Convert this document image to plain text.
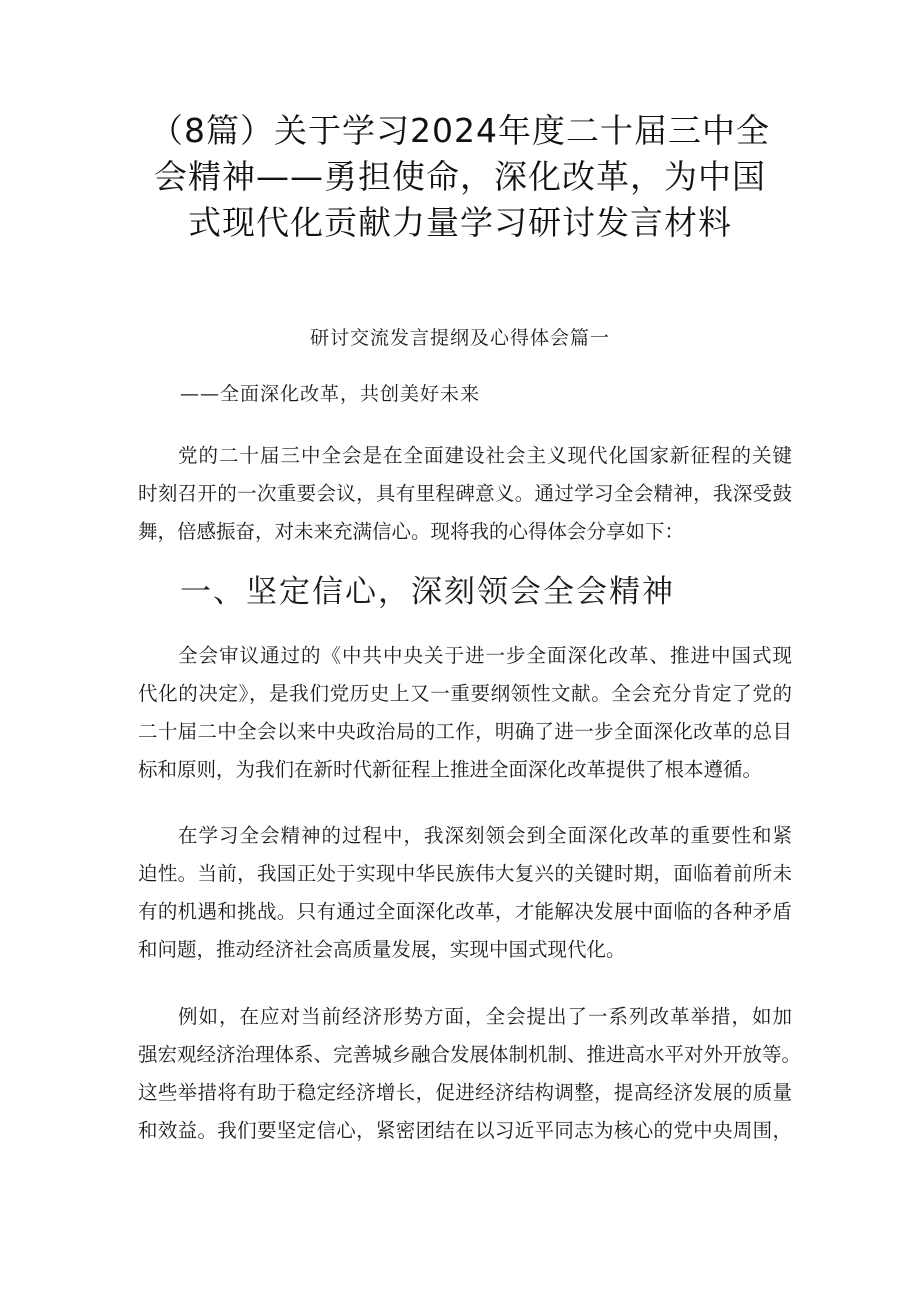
（8篇）关于学习2024年度二十届三中全
会精神——勇担使命，深化改革，为中国
式现代化贡献力量学习研讨发言材料

研讨交流发言提纲及心得体会篇一

——全面深化改革，共创美好未来

党的二十届三中全会是在全面建设社会主义现代化国家新征程的关键
时刻召开的一次重要会议，具有里程碑意义。通过学习全会精神，我深受鼓
舞，倍感振奋，对未来充满信心。现将我的心得体会分享如下：

一、坚定信心，深刻领会全会精神

全会审议通过的《中共中央关于进一步全面深化改革、推进中国式现
代化的决定》，是我们党历史上又一重要纲领性文献。全会充分肯定了党的
二十届二中全会以来中央政治局的工作，明确了进一步全面深化改革的总目
标和原则，为我们在新时代新征程上推进全面深化改革提供了根本遵循。

在学习全会精神的过程中，我深刻领会到全面深化改革的重要性和紧
迫性。当前，我国正处于实现中华民族伟大复兴的关键时期，面临着前所未
有的机遇和挑战。只有通过全面深化改革，才能解决发展中面临的各种矛盾
和问题，推动经济社会高质量发展，实现中国式现代化。

例如，在应对当前经济形势方面，全会提出了一系列改革举措，如加
强宏观经济治理体系、完善城乡融合发展体制机制、推进高水平对外开放等。
这些举措将有助于稳定经济增长，促进经济结构调整，提高经济发展的质量
和效益。我们要坚定信心，紧密团结在以习近平同志为核心的党中央周围，
